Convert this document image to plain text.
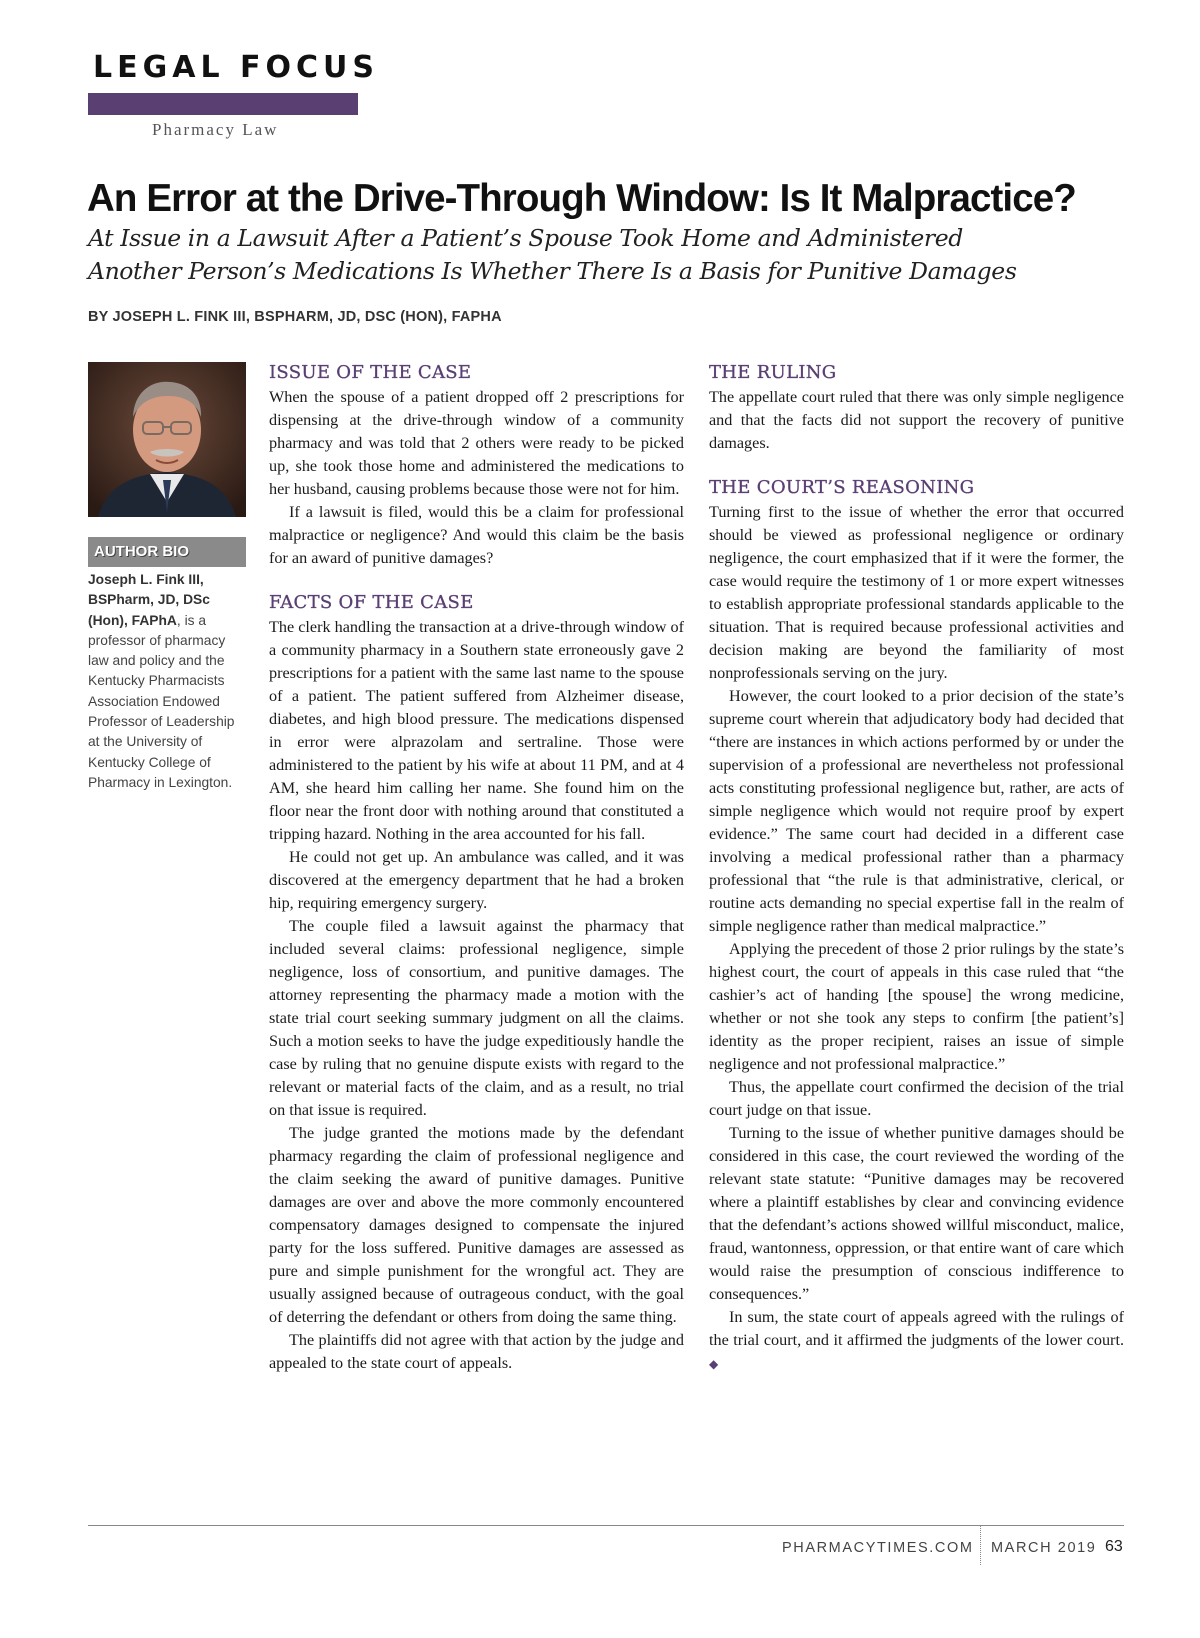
LEGAL FOCUS
Pharmacy Law
An Error at the Drive-Through Window: Is It Malpractice?
At Issue in a Lawsuit After a Patient’s Spouse Took Home and Administered
Another Person’s Medications Is Whether There Is a Basis for Punitive Damages
BY JOSEPH L. FINK III, BSPHARM, JD, DSC (HON), FAPHA
AUTHOR BIO
Joseph L. Fink III, BSPharm, JD, DSc (Hon), FAPhA, is a professor of pharmacy law and policy and the Kentucky Pharmacists Association Endowed Professor of Leadership at the University of Kentucky College of Pharmacy in Lexington.
ISSUE OF THE CASE

When the spouse of a patient dropped off 2 prescriptions for dispensing at the drive-through window of a community pharmacy and was told that 2 others were ready to be picked up, she took those home and administered the medications to her husband, causing problems because those were not for him.

If a lawsuit is filed, would this be a claim for professional malpractice or negligence? And would this claim be the basis for an award of punitive damages?

FACTS OF THE CASE

The clerk handling the transaction at a drive-through window of a community pharmacy in a Southern state erroneously gave 2 prescriptions for a patient with the same last name to the spouse of a patient. The patient suffered from Alzheimer disease, diabetes, and high blood pressure. The medications dispensed in error were alprazolam and sertraline. Those were administered to the patient by his wife at about 11 PM, and at 4 AM, she heard him calling her name. She found him on the floor near the front door with nothing around that constituted a tripping hazard. Nothing in the area accounted for his fall.

He could not get up. An ambulance was called, and it was discovered at the emergency department that he had a broken hip, requiring emergency surgery.

The couple filed a lawsuit against the pharmacy that included several claims: professional negligence, simple negligence, loss of consortium, and punitive damages. The attorney representing the pharmacy made a motion with the state trial court seeking summary judgment on all the claims. Such a motion seeks to have the judge expeditiously handle the case by ruling that no genuine dispute exists with regard to the relevant or material facts of the claim, and as a result, no trial on that issue is required.

The judge granted the motions made by the defendant pharmacy regarding the claim of professional negligence and the claim seeking the award of punitive damages. Punitive damages are over and above the more commonly encountered compensatory damages designed to compensate the injured party for the loss suffered. Punitive damages are assessed as pure and simple punishment for the wrongful act. They are usually assigned because of outrageous conduct, with the goal of deterring the defendant or others from doing the same thing.

The plaintiffs did not agree with that action by the judge and appealed to the state court of appeals.

THE RULING

The appellate court ruled that there was only simple negligence and that the facts did not support the recovery of punitive damages.

THE COURT’S REASONING

Turning first to the issue of whether the error that occurred should be viewed as professional negligence or ordinary negligence, the court emphasized that if it were the former, the case would require the testimony of 1 or more expert witnesses to establish appropriate professional standards applicable to the situation. That is required because professional activities and decision making are beyond the familiarity of most nonprofessionals serving on the jury.

However, the court looked to a prior decision of the state’s supreme court wherein that adjudicatory body had decided that “there are instances in which actions performed by or under the supervision of a professional are nevertheless not professional acts constituting professional negligence but, rather, are acts of simple negligence which would not require proof by expert evidence.” The same court had decided in a different case involving a medical professional rather than a pharmacy professional that “the rule is that administrative, clerical, or routine acts demanding no special expertise fall in the realm of simple negligence rather than medical malpractice.”

Applying the precedent of those 2 prior rulings by the state’s highest court, the court of appeals in this case ruled that “the cashier’s act of handing [the spouse] the wrong medicine, whether or not she took any steps to confirm [the patient’s] identity as the proper recipient, raises an issue of simple negligence and not professional malpractice.”

Thus, the appellate court confirmed the decision of the trial court judge on that issue.

Turning to the issue of whether punitive damages should be considered in this case, the court reviewed the wording of the relevant state statute: “Punitive damages may be recovered where a plaintiff establishes by clear and convincing evidence that the defendant’s actions showed willful misconduct, malice, fraud, wantonness, oppression, or that entire want of care which would raise the presumption of conscious indifference to consequences.”

In sum, the state court of appeals agreed with the rulings of the trial court, and it affirmed the judgments of the lower court. ◆

PHARMACYTIMES.COM MARCH 2019 63
